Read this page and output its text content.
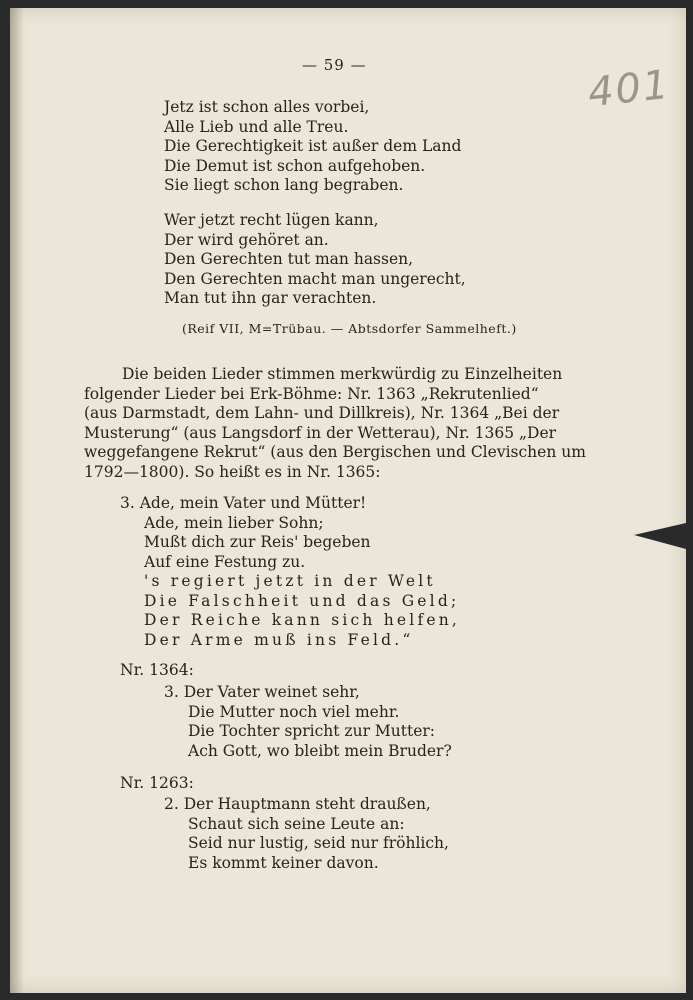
— 59 —	401
Jetz ist schon alles vorbei,
Alle Lieb und alle Treu.
Die Gerechtigkeit ist außer dem Land
Die Demut ist schon aufgehoben.
Sie liegt schon lang begraben.
Wer jetzt recht lügen kann,
Der wird gehöret an.
Den Gerechten tut man hassen,
Den Gerechten macht man ungerecht,
Man tut ihn gar verachten.
(Reif VII, M=Trübau. — Abtsdorfer Sammelheft.)
Die beiden Lieder stimmen merkwürdig zu Einzelheiten
folgender Lieder bei Erk-Böhme: Nr. 1363 „Rekrutenlied“
(aus Darmstadt, dem Lahn- und Dillkreis), Nr. 1364 „Bei der
Musterung“ (aus Langsdorf in der Wetterau), Nr. 1365 „Der
weggefangene Rekrut“ (aus den Bergischen und Clevischen um
1792—1800). So heißt es in Nr. 1365:
3. Ade, mein Vater und Mütter!
Ade, mein lieber Sohn;
Mußt dich zur Reis' begeben
Auf eine Festung zu.
's regiert jetzt in der Welt
Die Falschheit und das Geld;
Der Reiche kann sich helfen,
Der Arme muß ins Feld.“
Nr. 1364:
3. Der Vater weinet sehr,
Die Mutter noch viel mehr.
Die Tochter spricht zur Mutter:
Ach Gott, wo bleibt mein Bruder?
Nr. 1263:
2. Der Hauptmann steht draußen,
Schaut sich seine Leute an:
Seid nur lustig, seid nur fröhlich,
Es kommt keiner davon.
